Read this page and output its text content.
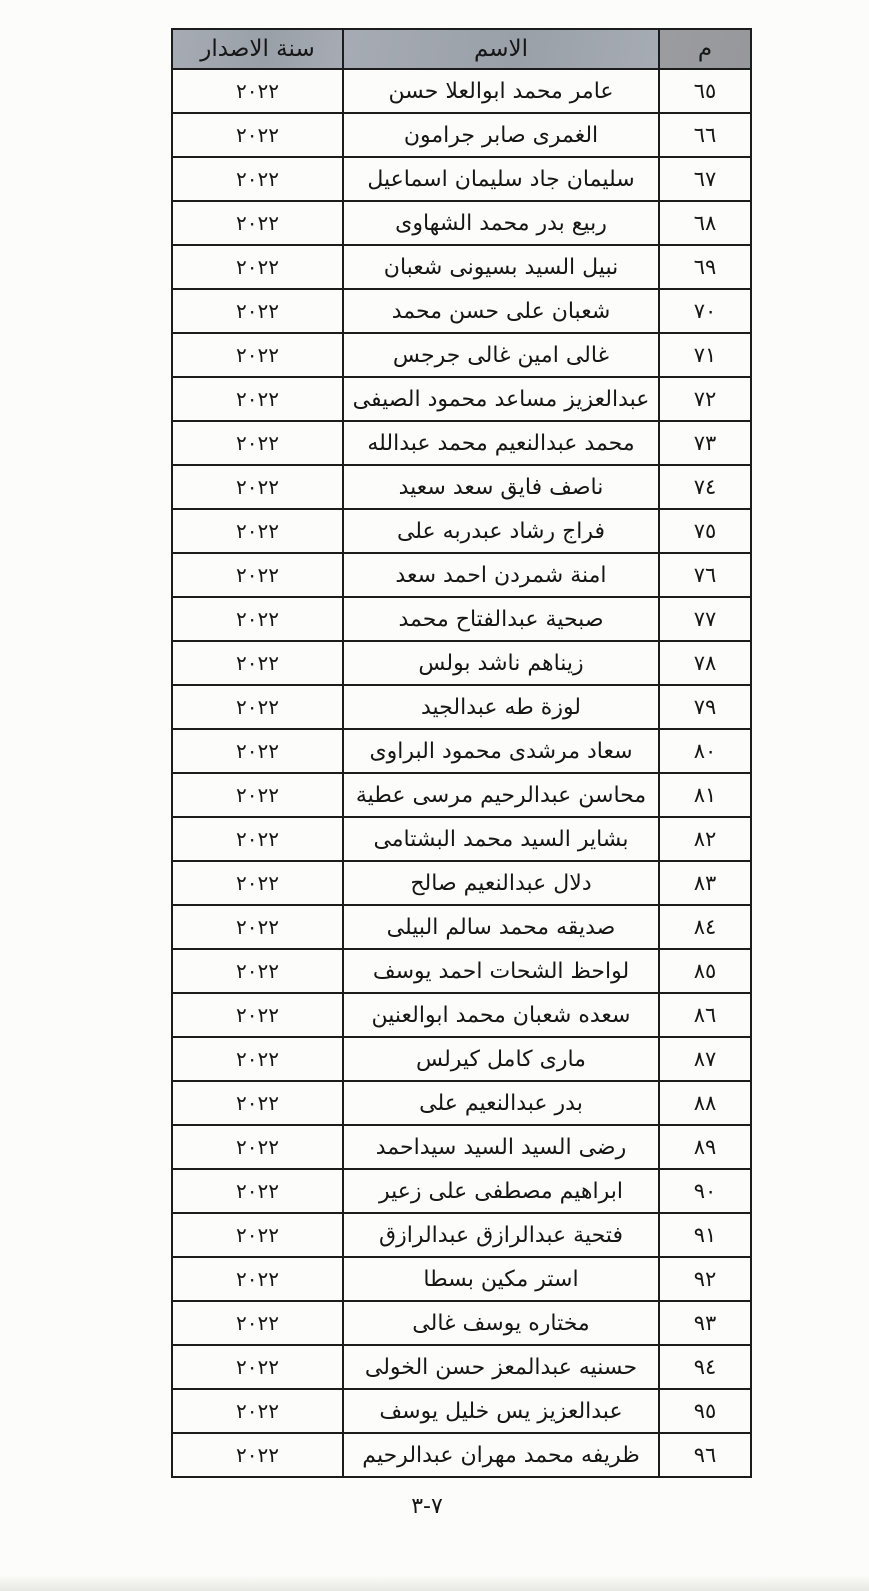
م	الاسم	سنة الاصدار
٦٥	عامر محمد ابوالعلا حسن	٢٠٢٢
٦٦	الغمرى صابر جرامون	٢٠٢٢
٦٧	سليمان جاد سليمان اسماعيل	٢٠٢٢
٦٨	ربيع بدر محمد الشهاوى	٢٠٢٢
٦٩	نبيل السيد بسيونى شعبان	٢٠٢٢
٧٠	شعبان على حسن محمد	٢٠٢٢
٧١	غالى امين غالى جرجس	٢٠٢٢
٧٢	عبدالعزيز مساعد محمود الصيفى	٢٠٢٢
٧٣	محمد عبدالنعيم محمد عبدالله	٢٠٢٢
٧٤	ناصف فايق سعد سعيد	٢٠٢٢
٧٥	فراج رشاد عبدربه على	٢٠٢٢
٧٦	امنة شمردن احمد سعد	٢٠٢٢
٧٧	صبحية عبدالفتاح محمد	٢٠٢٢
٧٨	زيناهم ناشد بولس	٢٠٢٢
٧٩	لوزة طه عبدالجيد	٢٠٢٢
٨٠	سعاد مرشدى محمود البراوى	٢٠٢٢
٨١	محاسن عبدالرحيم مرسى عطية	٢٠٢٢
٨٢	بشاير السيد محمد البشتامى	٢٠٢٢
٨٣	دلال عبدالنعيم صالح	٢٠٢٢
٨٤	صديقه محمد سالم البيلى	٢٠٢٢
٨٥	لواحظ الشحات احمد يوسف	٢٠٢٢
٨٦	سعده شعبان محمد ابوالعنين	٢٠٢٢
٨٧	مارى كامل كيرلس	٢٠٢٢
٨٨	بدر عبدالنعيم على	٢٠٢٢
٨٩	رضى السيد السيد سيداحمد	٢٠٢٢
٩٠	ابراهيم مصطفى على زعير	٢٠٢٢
٩١	فتحية عبدالرازق عبدالرازق	٢٠٢٢
٩٢	استر مكين بسطا	٢٠٢٢
٩٣	مختاره يوسف غالى	٢٠٢٢
٩٤	حسنيه عبدالمعز حسن الخولى	٢٠٢٢
٩٥	عبدالعزيز يس خليل يوسف	٢٠٢٢
٩٦	ظريفه محمد مهران عبدالرحيم	٢٠٢٢
٧-٣
